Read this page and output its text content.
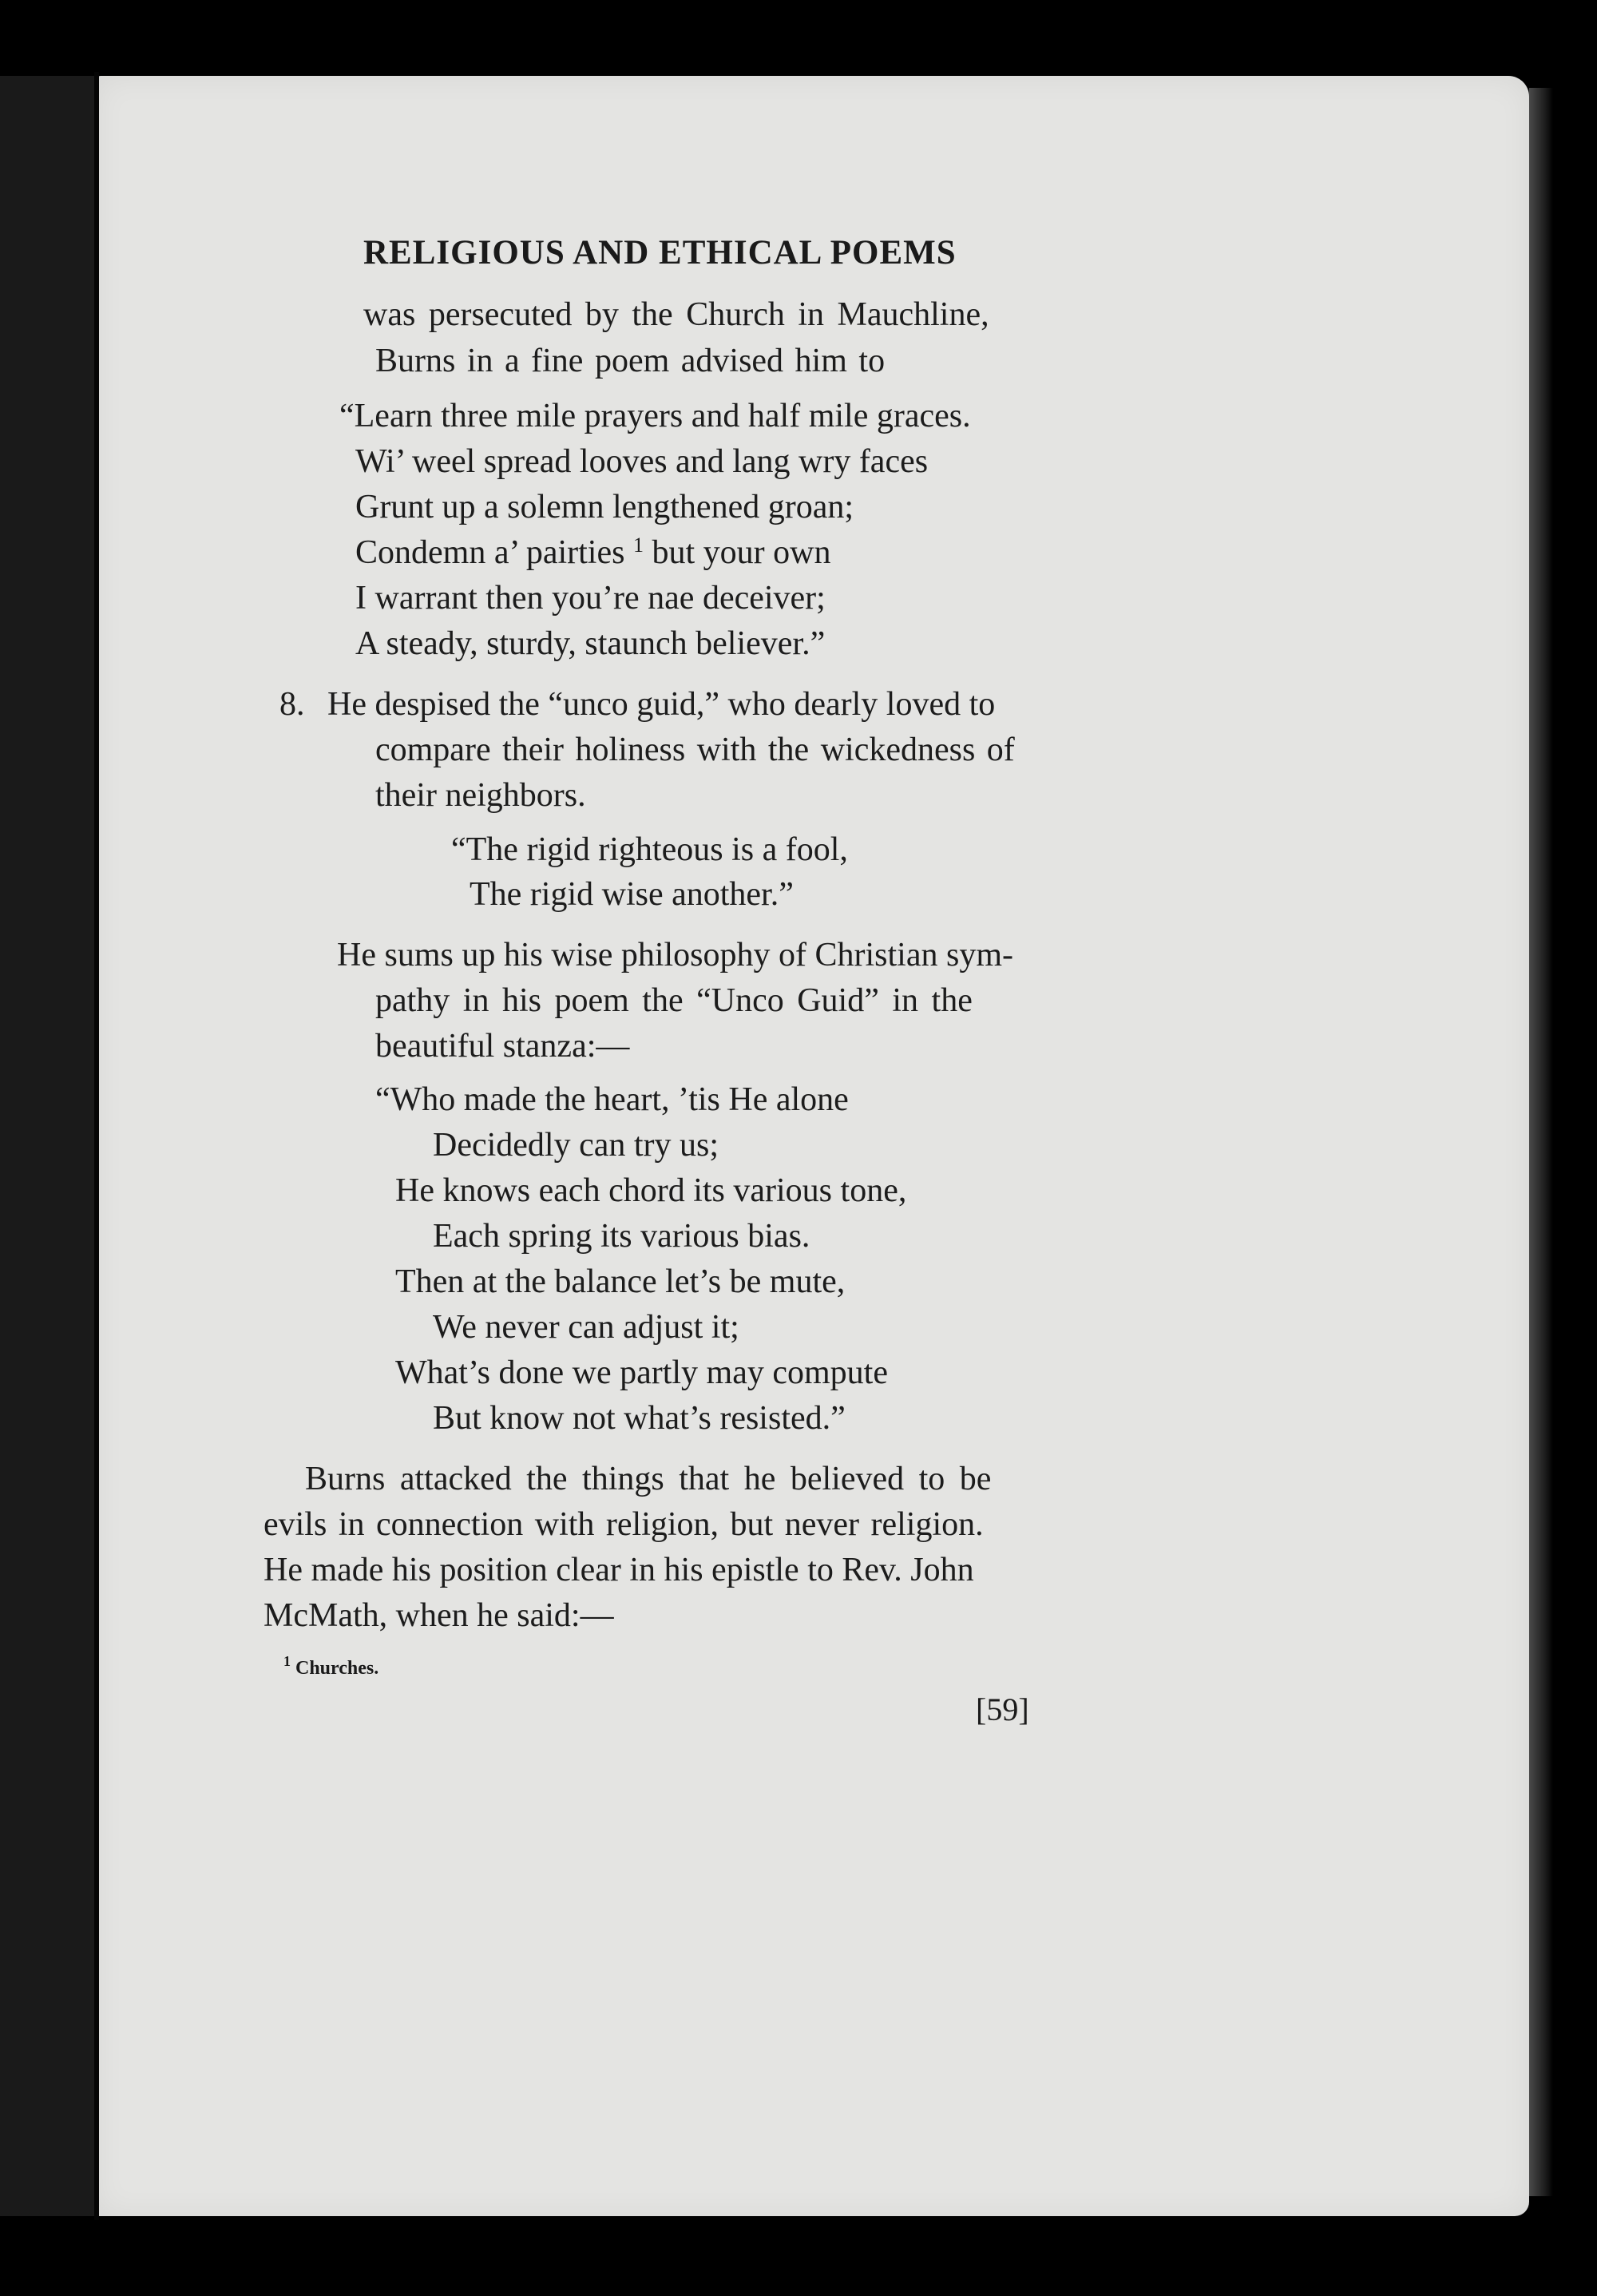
RELIGIOUS AND ETHICAL POEMS
was persecuted by the Church in Mauchline,
Burns in a fine poem advised him to
“Learn three mile prayers and half mile graces.
Wi’ weel spread looves and lang wry faces
Grunt up a solemn lengthened groan;
Condemn a’ pairties $^1$ but your own
I warrant then you’re nae deceiver;
A steady, sturdy, staunch believer.”
8. He despised the “unco guid,” who dearly loved to
compare their holiness with the wickedness of
their neighbors.
“The rigid righteous is a fool,
The rigid wise another.”
He sums up his wise philosophy of Christian sym-
pathy in his poem the “Unco Guid” in the
beautiful stanza:—
“Who made the heart, ’tis He alone
Decidedly can try us;
He knows each chord its various tone,
Each spring its various bias.
Then at the balance let’s be mute,
We never can adjust it;
What’s done we partly may compute
But know not what’s resisted.”
Burns attacked the things that he believed to be
evils in connection with religion, but never religion.
He made his position clear in his epistle to Rev. John
McMath, when he said:—
$^1$ Churches.
[59]
